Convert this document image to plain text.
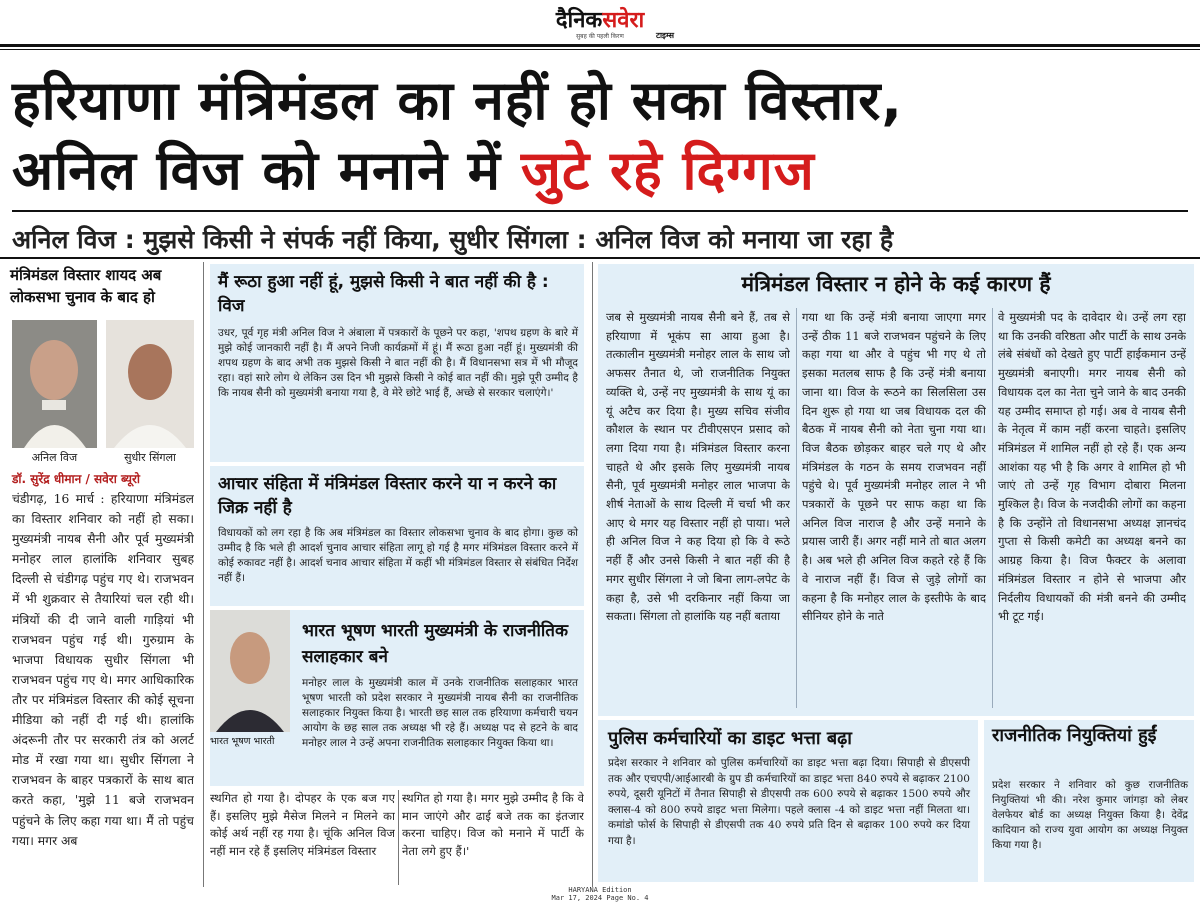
दैनिकसवेरा
सुबह की पहली किरण	टाइम्स
हरियाणा मंत्रिमंडल का नहीं हो सका विस्तार,
अनिल विज को मनाने में जुटे रहे दिग्गज
अनिल विज : मुझसे किसी ने संपर्क नहीं किया, सुधीर सिंगला : अनिल विज को मनाया जा रहा है
मंत्रिमंडल विस्तार शायद अब लोकसभा चुनाव के बाद हो
अनिल विज	सुधीर सिंगला
डॉ. सुरेंद्र धीमान / सवेरा ब्यूरो
चंडीगढ़, 16 मार्च : हरियाणा मंत्रिमंडल का विस्तार शनिवार को नहीं हो सका। मुख्यमंत्री नायब सैनी और पूर्व मुख्यमंत्री मनोहर लाल हालांकि शनिवार सुबह दिल्ली से चंडीगढ़ पहुंच गए थे। राजभवन में भी शुक्रवार से तैयारियां चल रही थी। मंत्रियों की दी जाने वाली गाड़ियां भी राजभवन पहुंच गई थी। गुरुग्राम के भाजपा विधायक सुधीर सिंगला भी राजभवन पहुंच गए थे। मगर आधिकारिक तौर पर मंत्रिमंडल विस्तार की कोई सूचना मीडिया को नहीं दी गई थी। हालांकि अंदरूनी तौर पर सरकारी तंत्र को अलर्ट मोड में रखा गया था। सुधीर सिंगला ने राजभवन के बाहर पत्रकारों के साथ बात करते कहा, 'मुझे 11 बजे राजभवन पहुंचने के लिए कहा गया था। मैं तो पहुंच गया। मगर अब
मैं रूठा हुआ नहीं हूं, मुझसे किसी ने बात नहीं की है : विज
उधर, पूर्व गृह मंत्री अनिल विज ने अंबाला में पत्रकारों के पूछने पर कहा, 'शपथ ग्रहण के बारे में मुझे कोई जानकारी नहीं है। मैं अपने निजी कार्यक्रमों में हूं। मैं रूठा हुआ नहीं हूं। मुख्यमंत्री की शपथ ग्रहण के बाद अभी तक मुझसे किसी ने बात नहीं की है। मैं विधानसभा सत्र में भी मौजूद रहा। वहां सारे लोग थे लेकिन उस दिन भी मुझसे किसी ने कोई बात नहीं की। मुझे पूरी उम्मीद है कि नायब सैनी को मुख्यमंत्री बनाया गया है, वे मेरे छोटे भाई हैं, अच्छे से सरकार चलाएंगे।'
आचार संहिता में मंत्रिमंडल विस्तार करने या न करने का जिक्र नहीं है
विधायकों को लग रहा है कि अब मंत्रिमंडल का विस्तार लोकसभा चुनाव के बाद होगा। कुछ को उम्मीद है कि भले ही आदर्श चुनाव आचार संहिता लागू हो गई है मगर मंत्रिमंडल विस्तार करने में कोई रुकावट नहीं है। आदर्श चनाव आचार संहिता में कहीं भी मंत्रिमंडल विस्तार से संबंधित निर्देश नहीं हैं।
भारत भूषण भारती
भारत भूषण भारती मुख्यमंत्री के राजनीतिक सलाहकार बने
मनोहर लाल के मुख्यमंत्री काल में उनके राजनीतिक सलाहकार भारत भूषण भारती को प्रदेश सरकार ने मुख्यमंत्री नायब सैनी का राजनीतिक सलाहकार नियुक्त किया है। भारती छह साल तक हरियाणा कर्मचारी चयन आयोग के छह साल तक अध्यक्ष भी रहे हैं। अध्यक्ष पद से हटने के बाद मनोहर लाल ने उन्हें अपना राजनीतिक सलाहकार नियुक्त किया था।
स्थगित हो गया है। दोपहर के एक बज गए हैं। इसलिए मुझे मैसेज मिलने न मिलने का कोई अर्थ नहीं रह गया है। चूंकि अनिल विज नहीं मान रहे हैं इसलिए मंत्रिमंडल विस्तार
स्थगित हो गया है। मगर मुझे उम्मीद है कि वे मान जाएंगे और ढाई बजे तक का इंतजार करना चाहिए। विज को मनाने में पार्टी के नेता लगे हुए हैं।'
मंत्रिमंडल विस्तार न होने के कई कारण हैं
जब से मुख्यमंत्री नायब सैनी बने हैं, तब से हरियाणा में भूकंप सा आया हुआ है। तत्कालीन मुख्यमंत्री मनोहर लाल के साथ जो अफसर तैनात थे, जो राजनीतिक नियुक्त व्यक्ति थे, उन्हें नए मुख्यमंत्री के साथ यूं का यूं अटैच कर दिया है। मुख्य सचिव संजीव कौशल के स्थान पर टीवीएसएन प्रसाद को लगा दिया गया है। मंत्रिमंडल विस्तार करना चाहते थे और इसके लिए मुख्यमंत्री नायब सैनी, पूर्व मुख्यमंत्री मनोहर लाल भाजपा के शीर्ष नेताओं के साथ दिल्ली में चर्चा भी कर आए थे मगर यह विस्तार नहीं हो पाया। भले ही अनिल विज ने कह दिया हो कि वे रूठे नहीं हैं और उनसे किसी ने बात नहीं की है मगर सुधीर सिंगला ने जो बिना लाग-लपेट के कहा है, उसे भी दरकिनार नहीं किया जा सकता। सिंगला तो हालांकि यह नहीं बताया
गया था कि उन्हें मंत्री बनाया जाएगा मगर उन्हें ठीक 11 बजे राजभवन पहुंचने के लिए कहा गया था और वे पहुंच भी गए थे तो इसका मतलब साफ है कि उन्हें मंत्री बनाया जाना था। विज के रूठने का सिलसिला उस दिन शुरू हो गया था जब विधायक दल की बैठक में नायब सैनी को नेता चुना गया था। विज बैठक छोड़कर बाहर चले गए थे और मंत्रिमंडल के गठन के समय राजभवन नहीं पहुंचे थे। पूर्व मुख्यमंत्री मनोहर लाल ने भी पत्रकारों के पूछने पर साफ कहा था कि अनिल विज नाराज है और उन्हें मनाने के प्रयास जारी हैं। अगर नहीं माने तो बात अलग है। अब भले ही अनिल विज कहते रहे हैं कि वे नाराज नहीं हैं। विज से जुड़े लोगों का कहना है कि मनोहर लाल के इस्तीफे के बाद सीनियर होने के नाते
वे मुख्यमंत्री पद के दावेदार थे। उन्हें लग रहा था कि उनकी वरिष्ठता और पार्टी के साथ उनके लंबे संबंधों को देखते हुए पार्टी हाईकमान उन्हें मुख्यमंत्री बनाएगी। मगर नायब सैनी को विधायक दल का नेता चुने जाने के बाद उनकी यह उम्मीद समाप्त हो गई। अब वे नायब सैनी के नेतृत्व में काम नहीं करना चाहते। इसलिए मंत्रिमंडल में शामिल नहीं हो रहे हैं। एक अन्य आशंका यह भी है कि अगर वे शामिल हो भी जाएं तो उन्हें गृह विभाग दोबारा मिलना मुश्किल है। विज के नजदीकी लोगों का कहना है कि उन्होंने तो विधानसभा अध्यक्ष ज्ञानचंद गुप्ता से किसी कमेटी का अध्यक्ष बनने का आग्रह किया है। विज फैक्टर के अलावा मंत्रिमंडल विस्तार न होने से भाजपा और निर्दलीय विधायकों की मंत्री बनने की उम्मीद भी टूट गई।
पुलिस कर्मचारियों का डाइट भत्ता बढ़ा
प्रदेश सरकार ने शनिवार को पुलिस कर्मचारियों का डाइट भत्ता बढ़ा दिया। सिपाही से डीएसपी तक और एचएपी/आईआरबी के ग्रुप डी कर्मचारियों का डाइट भत्ता 840 रुपये से बढ़ाकर 2100 रुपये, दूसरी यूनिटों में तैनात सिपाही से डीएसपी तक 600 रुपये से बढ़ाकर 1500 रुपये और क्लास-4 को 800 रुपये डाइट भत्ता मिलेगा। पहले क्लास -4 को डाइट भत्ता नहीं मिलता था। कमांडो फोर्स के सिपाही से डीएसपी तक 40 रुपये प्रति दिन से बढ़ाकर 100 रुपये कर दिया गया है।
राजनीतिक नियुक्तियां हुईं
प्रदेश सरकार ने शनिवार को कुछ राजनीतिक नियुक्तियां भी की। नरेश कुमार जांगड़ा को लेबर वेलफेयर बोर्ड का अध्यक्ष नियुक्त किया है। देवेंद्र कादियान को राज्य युवा आयोग का अध्यक्ष नियुक्त किया गया है।
HARYANA Edition
Mar 17, 2024 Page No. 4
